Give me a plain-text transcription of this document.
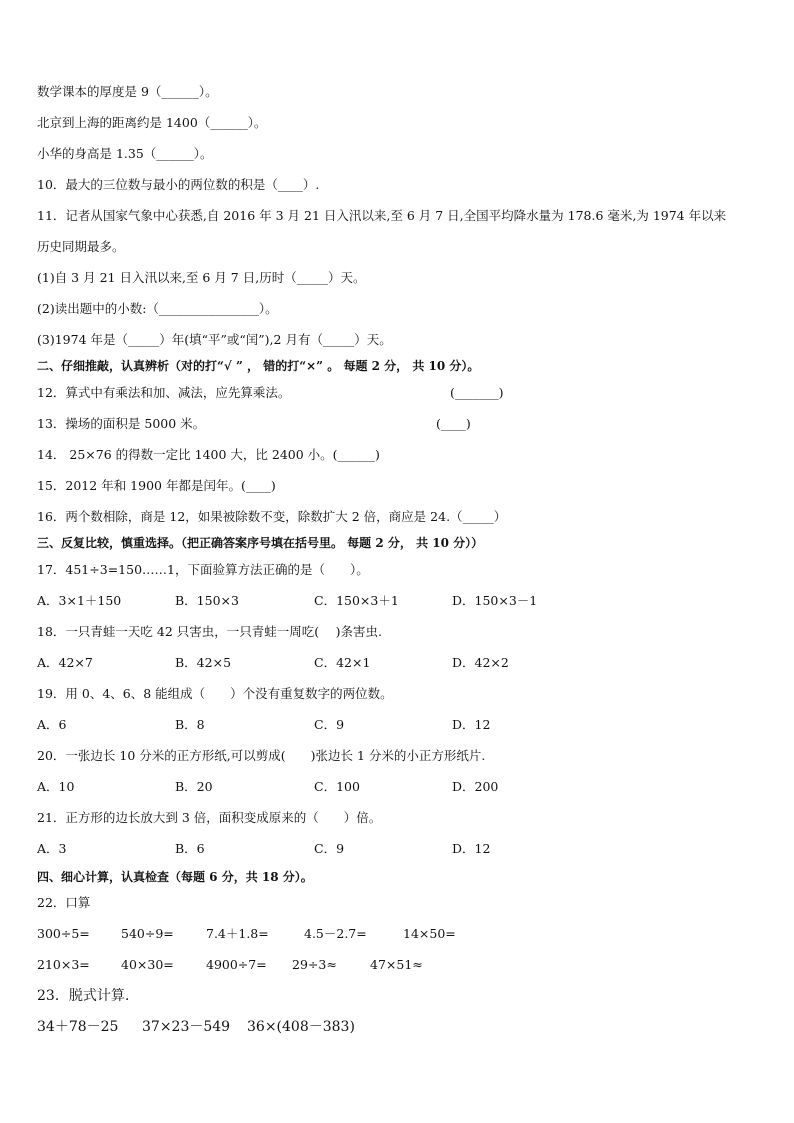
数学课本的厚度是 9（______）。
北京到上海的距离约是 1400（______）。
小华的身高是 1.35（______）。
10．最大的三位数与最小的两位数的积是（____）.
11．记者从国家气象中心获悉,自 2016 年 3 月 21 日入汛以来,至 6 月 7 日,全国平均降水量为 178.6 毫米,为 1974 年以来
历史同期最多。
(1)自 3 月 21 日入汛以来,至 6 月 7 日,历时（_____）天。
(2)读出题中的小数:（________________）。
(3)1974 年是（_____）年(填“平”或“闰”),2 月有（_____）天。
二、仔细推敲，认真辨析（对的打“√ ” ， 错的打“×” 。 每题 2 分， 共 10 分）。
12．算式中有乘法和加、减法，应先算乘法。	(_______)
13．操场的面积是 5000 米。	(____)
14． 25×76 的得数一定比 1400 大，比 2400 小。(______)
15．2012 年和 1900 年都是闰年。(____)
16．两个数相除，商是 12，如果被除数不变，除数扩大 2 倍，商应是 24.（_____）
三、反复比较，慎重选择。（把正确答案序号填在括号里。 每题 2 分， 共 10 分））
17．451÷3=150……1，下面验算方法正确的是（　　）。
A．3×1＋150	B．150×3	C．150×3＋1	D．150×3－1
18．一只青蛙一天吃 42 只害虫，一只青蛙一周吃(　 )条害虫.
A．42×7	B．42×5	C．42×1	D．42×2
19．用 0、4、6、8 能组成（　　）个没有重复数字的两位数。
A．6	B．8	C．9	D．12
20．一张边长 10 分米的正方形纸,可以剪成(　　)张边长 1 分米的小正方形纸片.
A．10	B．20	C．100	D．200
21．正方形的边长放大到 3 倍，面积变成原来的（　　）倍。
A．3	B．6	C．9	D．12
四、细心计算，认真检查（每题 6 分，共 18 分）。
22．口算
300÷5= 540÷9=	7.4＋1.8=	4.5－2.7=	14×50=
210×3= 40×30=	4900÷7= 29÷3≈	47×51≈
23．脱式计算.
34＋78－25 37×23－549 36×(408－383)
